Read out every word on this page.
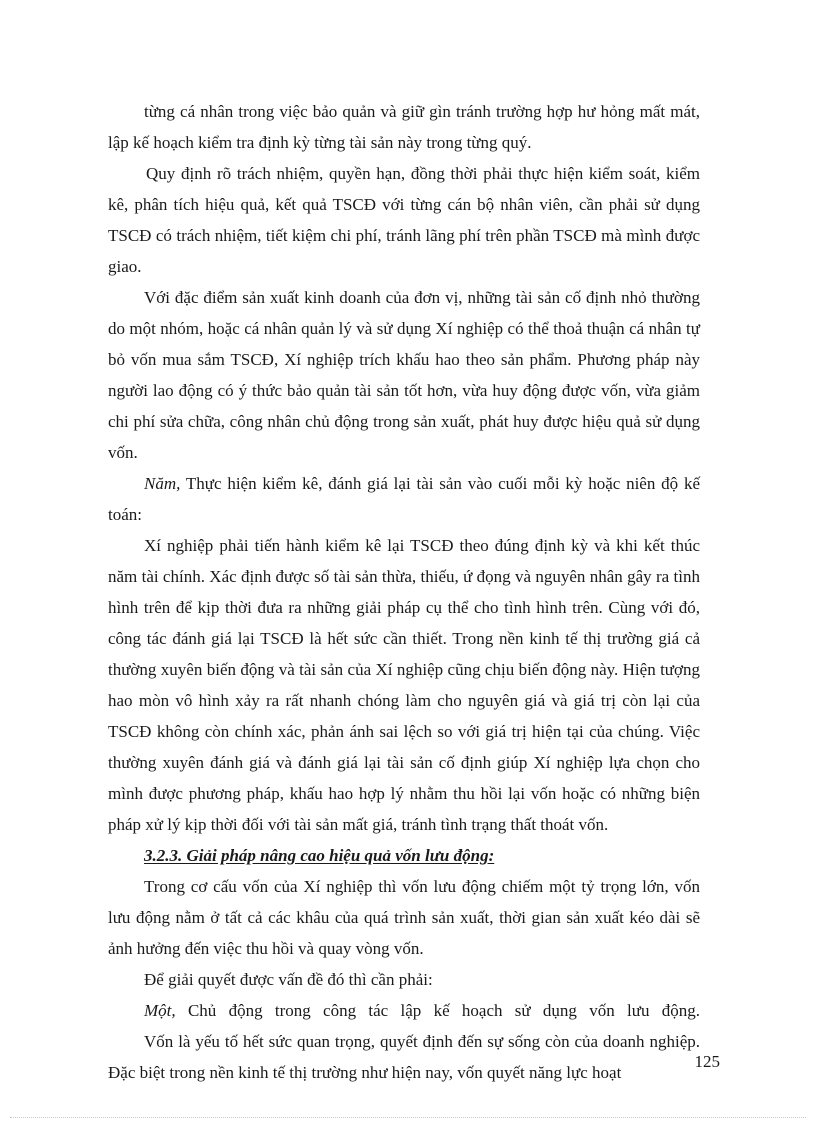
từng cá nhân trong việc bảo quản và giữ gìn tránh trường hợp hư hỏng mất mát, lập kế hoạch kiểm tra định kỳ từng tài sản này trong từng quý.

Quy định rõ trách nhiệm, quyền hạn, đồng thời phải thực hiện kiểm soát, kiểm kê, phân tích hiệu quả, kết quả TSCĐ với từng cán bộ nhân viên, cần phải sử dụng TSCĐ có trách nhiệm, tiết kiệm chi phí, tránh lãng phí trên phần TSCĐ mà mình được giao.

Với đặc điểm sản xuất kinh doanh của đơn vị, những tài sản cố định nhỏ thường do một nhóm, hoặc cá nhân quản lý và sử dụng Xí nghiệp có thể thoả thuận cá nhân tự bỏ vốn mua sắm TSCĐ, Xí nghiệp trích khấu hao theo sản phẩm. Phương pháp này người lao động có ý thức bảo quản tài sản tốt hơn, vừa huy động được vốn, vừa giảm chi phí sửa chữa, công nhân chủ động trong sản xuất, phát huy được hiệu quả sử dụng vốn.

Năm, Thực hiện kiểm kê, đánh giá lại tài sản vào cuối mỗi kỳ hoặc niên độ kế toán:

Xí nghiệp phải tiến hành kiểm kê lại TSCĐ theo đúng định kỳ và khi kết thúc năm tài chính. Xác định được số tài sản thừa, thiếu, ứ đọng và nguyên nhân gây ra tình hình trên để kịp thời đưa ra những giải pháp cụ thể cho tình hình trên. Cùng với đó, công tác đánh giá lại TSCĐ là hết sức cần thiết. Trong nền kinh tế thị trường giá cả thường xuyên biến động và tài sản của Xí nghiệp cũng chịu biến động này. Hiện tượng hao mòn vô hình xảy ra rất nhanh chóng làm cho nguyên giá và giá trị còn lại của TSCĐ không còn chính xác, phản ánh sai lệch so với giá trị hiện tại của chúng. Việc thường xuyên đánh giá và đánh giá lại tài sản cố định giúp Xí nghiệp lựa chọn cho mình được phương pháp, khấu hao hợp lý nhằm thu hồi lại vốn hoặc có những biện pháp xử lý kịp thời đối với tài sản mất giá, tránh tình trạng thất thoát vốn.

3.2.3. Giải pháp nâng cao hiệu quả vốn lưu động:

Trong cơ cấu vốn của Xí nghiệp thì vốn lưu động chiếm một tỷ trọng lớn, vốn lưu động nằm ở tất cả các khâu của quá trình sản xuất, thời gian sản xuất kéo dài sẽ ảnh hưởng đến việc thu hồi và quay vòng vốn.

Để giải quyết được vấn đề đó thì cần phải:

Một, Chủ động trong công tác lập kế hoạch sử dụng vốn lưu động.

Vốn là yếu tố hết sức quan trọng, quyết định đến sự sống còn của doanh nghiệp. Đặc biệt trong nền kinh tế thị trường như hiện nay, vốn quyết năng lực hoạt

125
